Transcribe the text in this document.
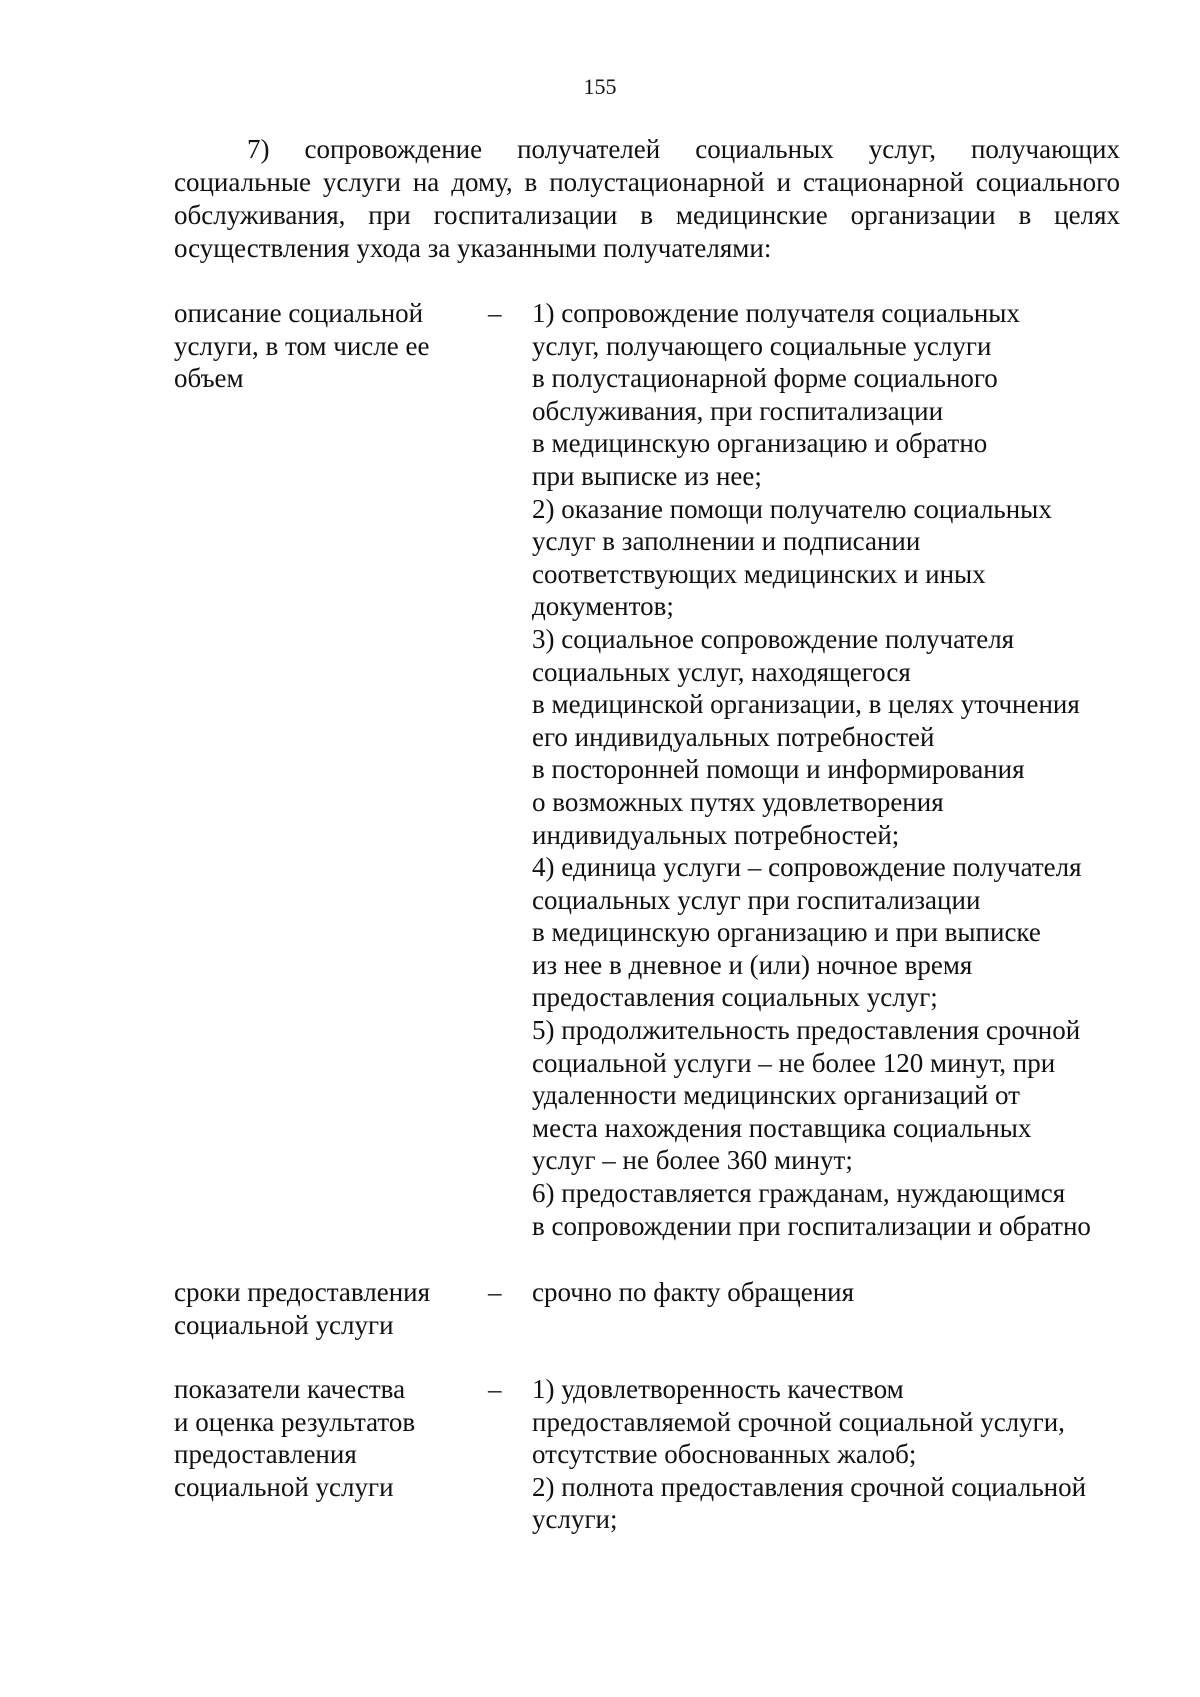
155
7) сопровождение получателей социальных услуг, получающих
социальные услуги на дому, в полустационарной и стационарной социального
обслуживания, при госпитализации в медицинские организации в целях
осуществления ухода за указанными получателями:
описание социальной
услуги, в том числе ее
объем
– 1) сопровождение получателя социальных
услуг, получающего социальные услуги
в полустационарной форме социального
обслуживания, при госпитализации
в медицинскую организацию и обратно
при выписке из нее;
2) оказание помощи получателю социальных
услуг в заполнении и подписании
соответствующих медицинских и иных
документов;
3) социальное сопровождение получателя
социальных услуг, находящегося
в медицинской организации, в целях уточнения
его индивидуальных потребностей
в посторонней помощи и информирования
о возможных путях удовлетворения
индивидуальных потребностей;
4) единица услуги – сопровождение получателя
социальных услуг при госпитализации
в медицинскую организацию и при выписке
из нее в дневное и (или) ночное время
предоставления социальных услуг;
5) продолжительность предоставления срочной
социальной услуги – не более 120 минут, при
удаленности медицинских организаций от
места нахождения поставщика социальных
услуг – не более 360 минут;
6) предоставляется гражданам, нуждающимся
в сопровождении при госпитализации и обратно
сроки предоставления
социальной услуги
– срочно по факту обращения
показатели качества
и оценка результатов
предоставления
социальной услуги
– 1) удовлетворенность качеством
предоставляемой срочной социальной услуги,
отсутствие обоснованных жалоб;
2) полнота предоставления срочной социальной
услуги;
